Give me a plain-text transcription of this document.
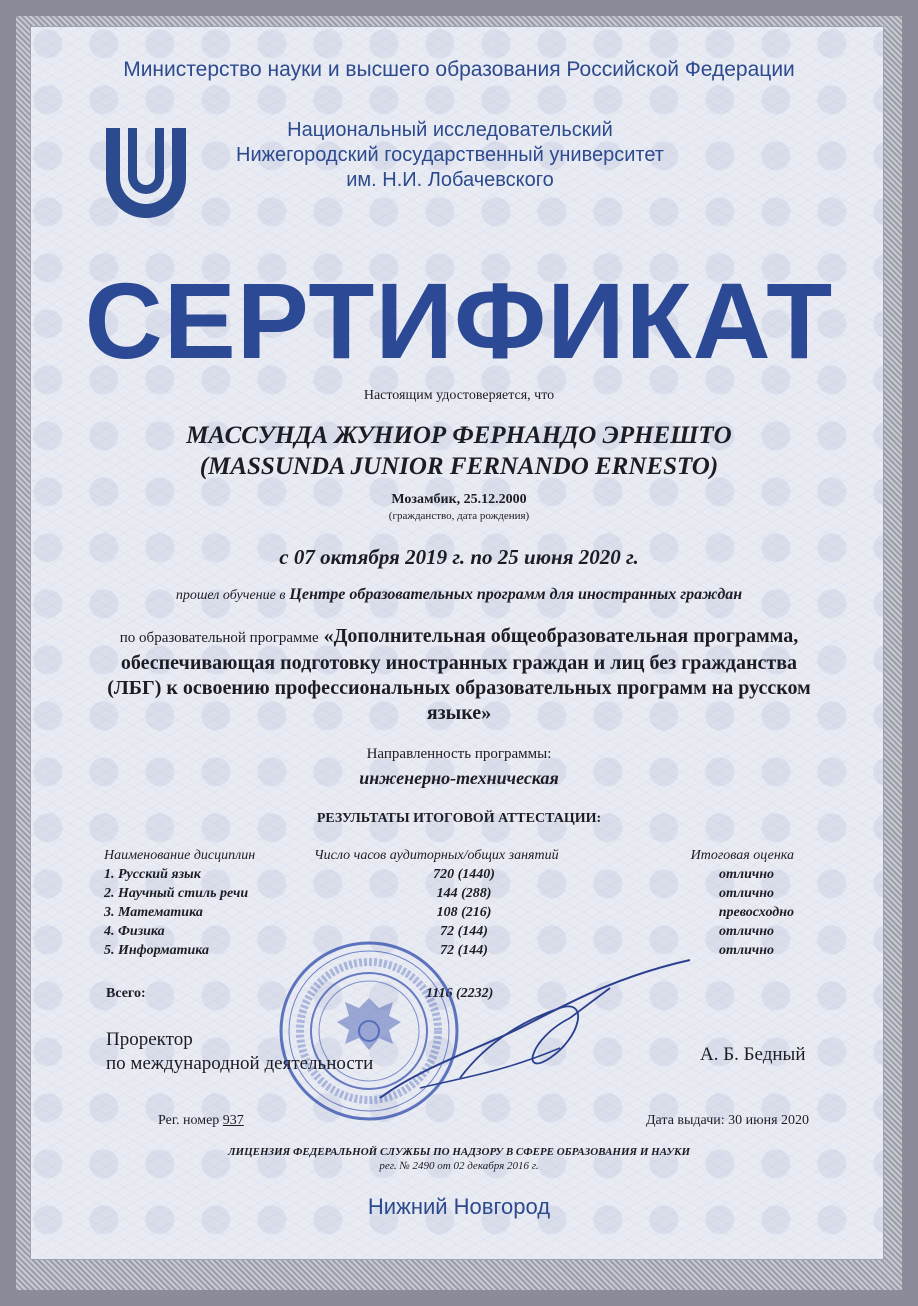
Министерство науки и высшего образования Российской Федерации
Национальный исследовательский
Нижегородский государственный университет
им. Н.И. Лобачевского
СЕРТИФИКАТ
Настоящим удостоверяется, что
МАССУНДА ЖУНИОР ФЕРНАНДО ЭРНЕШТО
(MASSUNDA JUNIOR FERNANDO ERNESTO)
Мозамбик, 25.12.2000
(гражданство, дата рождения)
с 07 октября 2019 г. по 25 июня 2020 г.
прошел обучение в Центре образовательных программ для иностранных граждан
по образовательной программе «Дополнительная общеобразовательная программа, обеспечивающая подготовку иностранных граждан и лиц без гражданства (ЛБГ) к освоению профессиональных образовательных программ на русском языке»
Направленность программы:
инженерно-техническая
РЕЗУЛЬТАТЫ ИТОГОВОЙ АТТЕСТАЦИИ:
Наименование дисциплин	Число часов аудиторных/общих занятий	Итоговая оценка
1. Русский язык	720 (1440)	отлично
2. Научный стиль речи	144 (288)	отлично
3. Математика	108 (216)	превосходно
4. Физика	72 (144)	отлично
5. Информатика	72 (144)	отлично
Всего:	1116 (2232)
Проректор
по международной деятельности	А. Б. Бедный
Рег. номер 937	Дата выдачи: 30 июня 2020
ЛИЦЕНЗИЯ ФЕДЕРАЛЬНОЙ СЛУЖБЫ ПО НАДЗОРУ В СФЕРЕ ОБРАЗОВАНИЯ И НАУКИ
рег. № 2490 от 02 декабря 2016 г.
Нижний Новгород
